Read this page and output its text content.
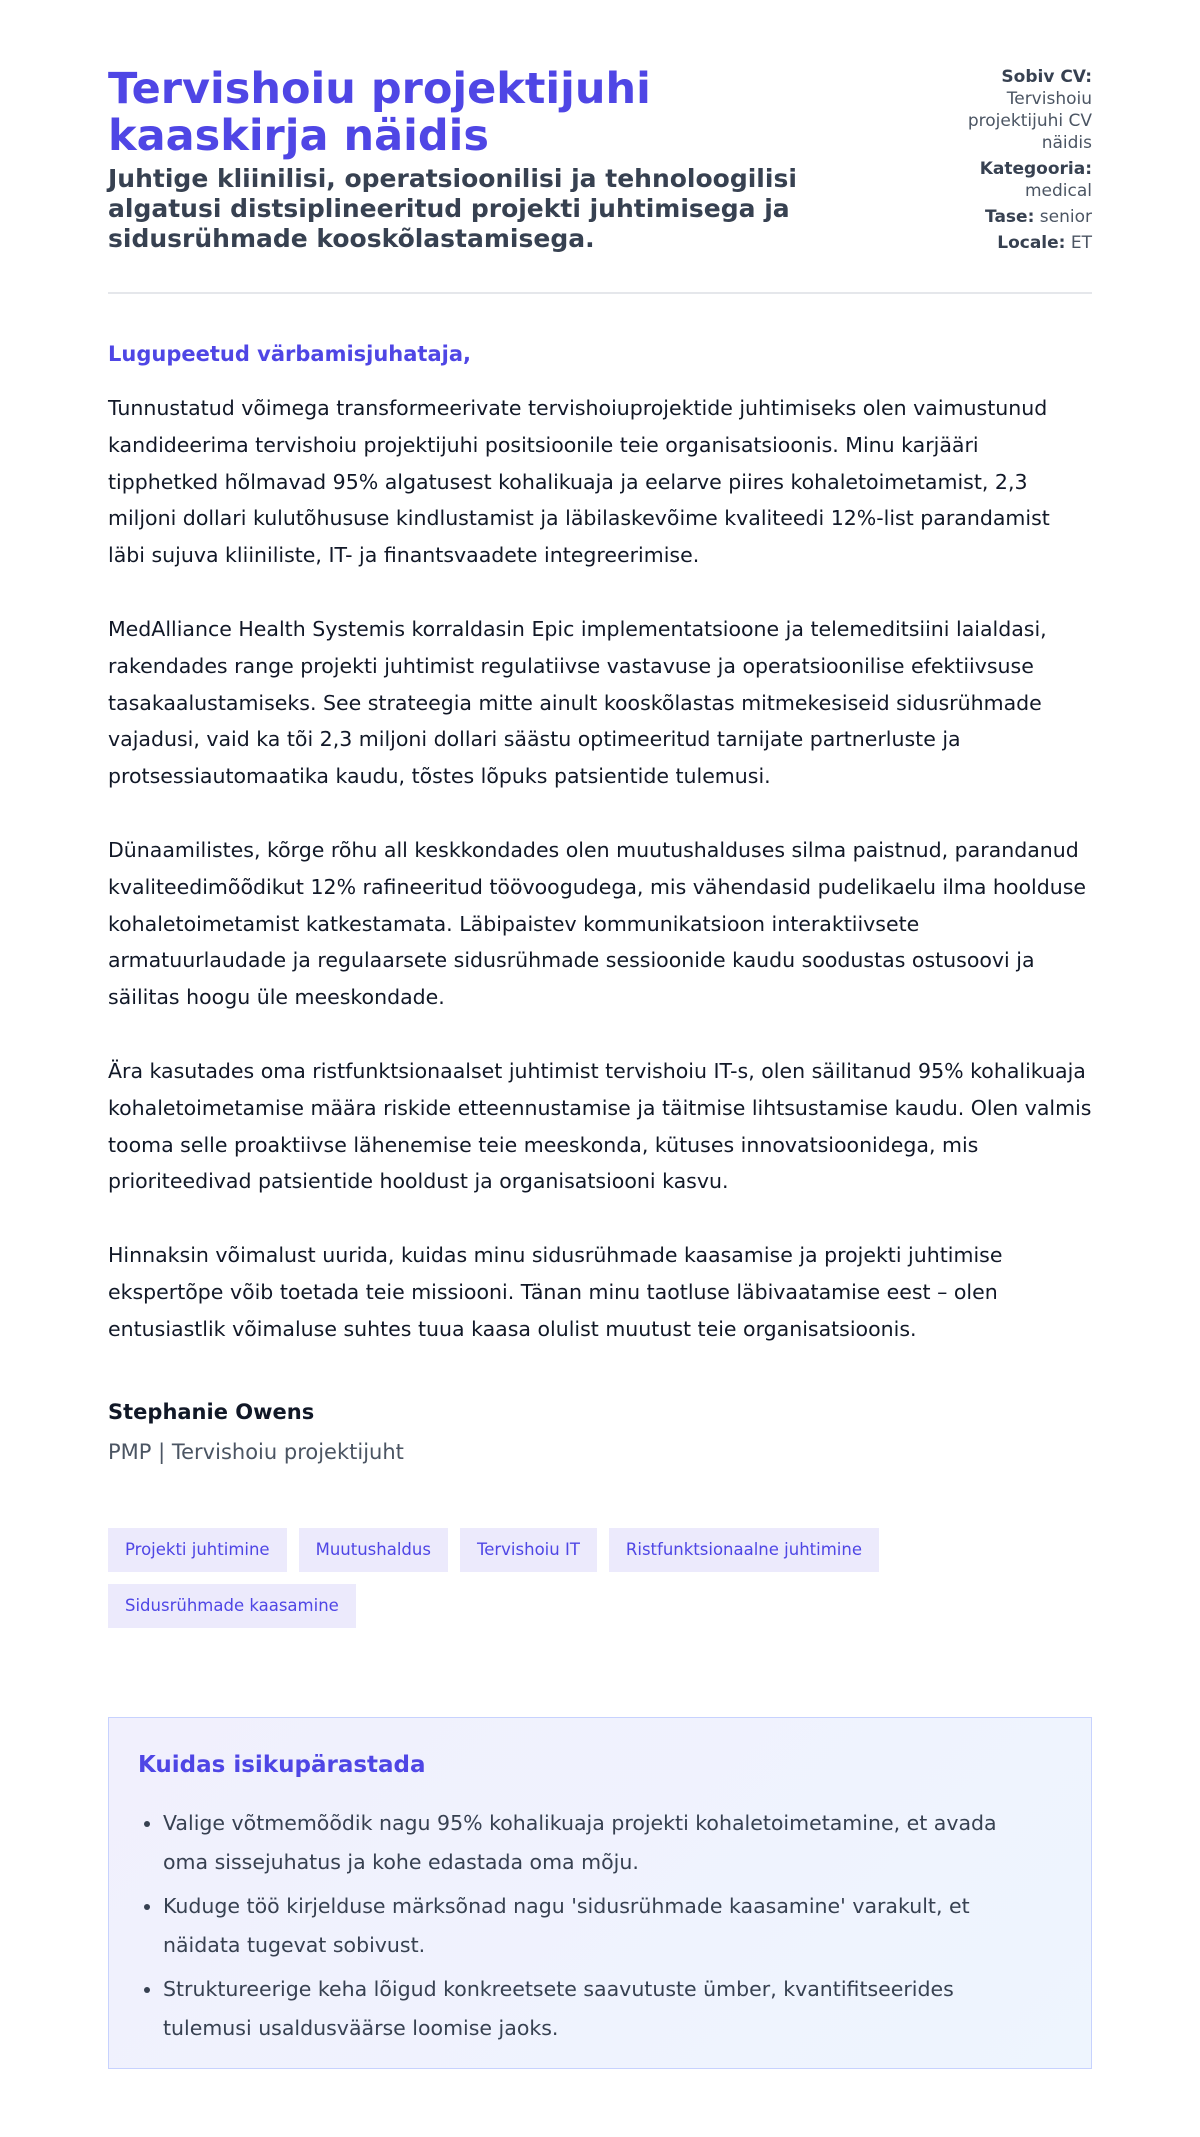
Tervishoiu projektijuhi kaaskirja näidis
Juhtige kliinilisi, operatsioonilisi ja tehnoloogilisi algatusi distsiplineeritud projekti juhtimisega ja sidusrühmade kooskõlastamisega.
Sobiv CV: Tervishoiu projektijuhi CV näidis
Kategooria: medical
Tase: senior
Locale: ET
Lugupeetud värbamisjuhataja,

Tunnustatud võimega transformeerivate tervishoiuprojektide juhtimiseks olen vaimustunud kandideerima tervishoiu projektijuhi positsioonile teie organisatsioonis. Minu karjääri tipphetked hõlmavad 95% algatusest kohalikuaja ja eelarve piires kohaletoimetamist, 2,3 miljoni dollari kulutõhususe kindlustamist ja läbilaskevõime kvaliteedi 12%-list parandamist läbi sujuva kliiniliste, IT- ja finantsvaadete integreerimise.

MedAlliance Health Systemis korraldasin Epic implementatsioone ja telemeditsiini laialdasi, rakendades range projekti juhtimist regulatiivse vastavuse ja operatsioonilise efektiivsuse tasakaalustamiseks. See strateegia mitte ainult kooskõlastas mitmekesiseid sidusrühmade vajadusi, vaid ka tõi 2,3 miljoni dollari säästu optimeeritud tarnijate partnerluste ja protsessiautomaatika kaudu, tõstes lõpuks patsientide tulemusi.

Dünaamilistes, kõrge rõhu all keskkondades olen muutushalduses silma paistnud, parandanud kvaliteedimõõdikut 12% rafineeritud töövoogudega, mis vähendasid pudelikaelu ilma hoolduse kohaletoimetamist katkestamata. Läbipaistev kommunikatsioon interaktiivsete armatuurlaudade ja regulaarsete sidusrühmade sessioonide kaudu soodustas ostusoovi ja säilitas hoogu üle meeskondade.

Ära kasutades oma ristfunktsionaalset juhtimist tervishoiu IT-s, olen säilitanud 95% kohalikuaja kohaletoimetamise määra riskide etteennustamise ja täitmise lihtsustamise kaudu. Olen valmis tooma selle proaktiivse lähenemise teie meeskonda, kütuses innovatsioonidega, mis prioriteedivad patsientide hooldust ja organisatsiooni kasvu.

Hinnaksin võimalust uurida, kuidas minu sidusrühmade kaasamise ja projekti juhtimise ekspertõpe võib toetada teie missiooni. Tänan minu taotluse läbivaatamise eest – olen entusiastlik võimaluse suhtes tuua kaasa olulist muutust teie organisatsioonis.

Stephanie Owens
PMP | Tervishoiu projektijuht
Projekti juhtimine	Muutushaldus	Tervishoiu IT	Ristfunktsionaalne juhtimine
Sidusrühmade kaasamine
Kuidas isikupärastada
• Valige võtmemõõdik nagu 95% kohalikuaja projekti kohaletoimetamine, et avada oma sissejuhatus ja kohe edastada oma mõju.
• Kuduge töö kirjelduse märksõnad nagu 'sidusrühmade kaasamine' varakult, et näidata tugevat sobivust.
• Struktureerige keha lõigud konkreetsete saavutuste ümber, kvantifitseerides tulemusi usaldusväärse loomise jaoks.
